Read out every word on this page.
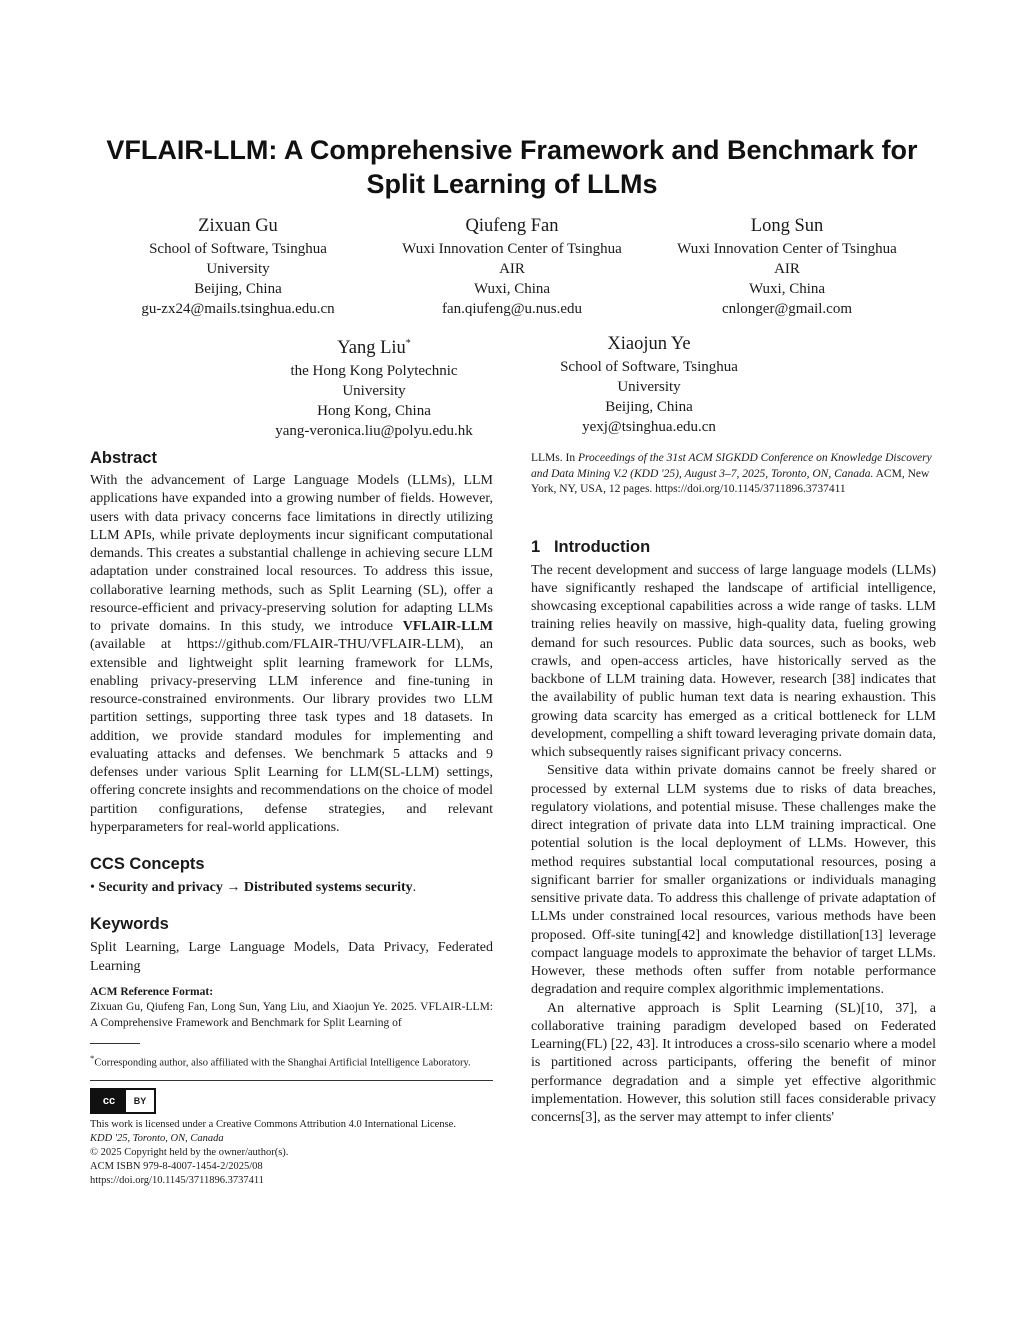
VFLAIR-LLM: A Comprehensive Framework and Benchmark for
Split Learning of LLMs
Zixuan Gu
School of Software, Tsinghua
University
Beijing, China
gu-zx24@mails.tsinghua.edu.cn
Qiufeng Fan
Wuxi Innovation Center of Tsinghua
AIR
Wuxi, China
fan.qiufeng@u.nus.edu
Long Sun
Wuxi Innovation Center of Tsinghua
AIR
Wuxi, China
cnlonger@gmail.com
Yang Liu*
the Hong Kong Polytechnic
University
Hong Kong, China
yang-veronica.liu@polyu.edu.hk
Xiaojun Ye
School of Software, Tsinghua
University
Beijing, China
yexj@tsinghua.edu.cn
Abstract

With the advancement of Large Language Models (LLMs), LLM applications have expanded into a growing number of fields. However, users with data privacy concerns face limitations in directly utilizing LLM APIs, while private deployments incur significant computational demands. This creates a substantial challenge in achieving secure LLM adaptation under constrained local resources. To address this issue, collaborative learning methods, such as Split Learning (SL), offer a resource-efficient and privacy-preserving solution for adapting LLMs to private domains. In this study, we introduce VFLAIR-LLM (available at https://github.com/FLAIR-THU/VFLAIR-LLM), an extensible and lightweight split learning framework for LLMs, enabling privacy-preserving LLM inference and fine-tuning in resource-constrained environments. Our library provides two LLM partition settings, supporting three task types and 18 datasets. In addition, we provide standard modules for implementing and evaluating attacks and defenses. We benchmark 5 attacks and 9 defenses under various Split Learning for LLM(SL-LLM) settings, offering concrete insights and recommendations on the choice of model partition configurations, defense strategies, and relevant hyperparameters for real-world applications.

CCS Concepts

• Security and privacy → Distributed systems security.

Keywords

Split Learning, Large Language Models, Data Privacy, Federated Learning

ACM Reference Format:
Zixuan Gu, Qiufeng Fan, Long Sun, Yang Liu, and Xiaojun Ye. 2025. VFLAIR-LLM: A Comprehensive Framework and Benchmark for Split Learning of
*Corresponding author, also affiliated with the Shanghai Artificial Intelligence Laboratory.
cc	BY
This work is licensed under a Creative Commons Attribution 4.0 International License.
KDD '25, Toronto, ON, Canada
© 2025 Copyright held by the owner/author(s).
ACM ISBN 979-8-4007-1454-2/2025/08
https://doi.org/10.1145/3711896.3737411
LLMs. In Proceedings of the 31st ACM SIGKDD Conference on Knowledge Discovery and Data Mining V.2 (KDD '25), August 3–7, 2025, Toronto, ON, Canada. ACM, New York, NY, USA, 12 pages. https://doi.org/10.1145/3711896.3737411
1 Introduction

The recent development and success of large language models (LLMs) have significantly reshaped the landscape of artificial intelligence, showcasing exceptional capabilities across a wide range of tasks. LLM training relies heavily on massive, high-quality data, fueling growing demand for such resources. Public data sources, such as books, web crawls, and open-access articles, have historically served as the backbone of LLM training data. However, research [38] indicates that the availability of public human text data is nearing exhaustion. This growing data scarcity has emerged as a critical bottleneck for LLM development, compelling a shift toward leveraging private domain data, which subsequently raises significant privacy concerns.

Sensitive data within private domains cannot be freely shared or processed by external LLM systems due to risks of data breaches, regulatory violations, and potential misuse. These challenges make the direct integration of private data into LLM training impractical. One potential solution is the local deployment of LLMs. However, this method requires substantial local computational resources, posing a significant barrier for smaller organizations or individuals managing sensitive private data. To address this challenge of private adaptation of LLMs under constrained local resources, various methods have been proposed. Off-site tuning[42] and knowledge distillation[13] leverage compact language models to approximate the behavior of target LLMs. However, these methods often suffer from notable performance degradation and require complex algorithmic implementations.

An alternative approach is Split Learning (SL)[10, 37], a collaborative training paradigm developed based on Federated Learning(FL) [22, 43]. It introduces a cross-silo scenario where a model is partitioned across participants, offering the benefit of minor performance degradation and a simple yet effective algorithmic implementation. However, this solution still faces considerable privacy concerns[3], as the server may attempt to infer clients'
